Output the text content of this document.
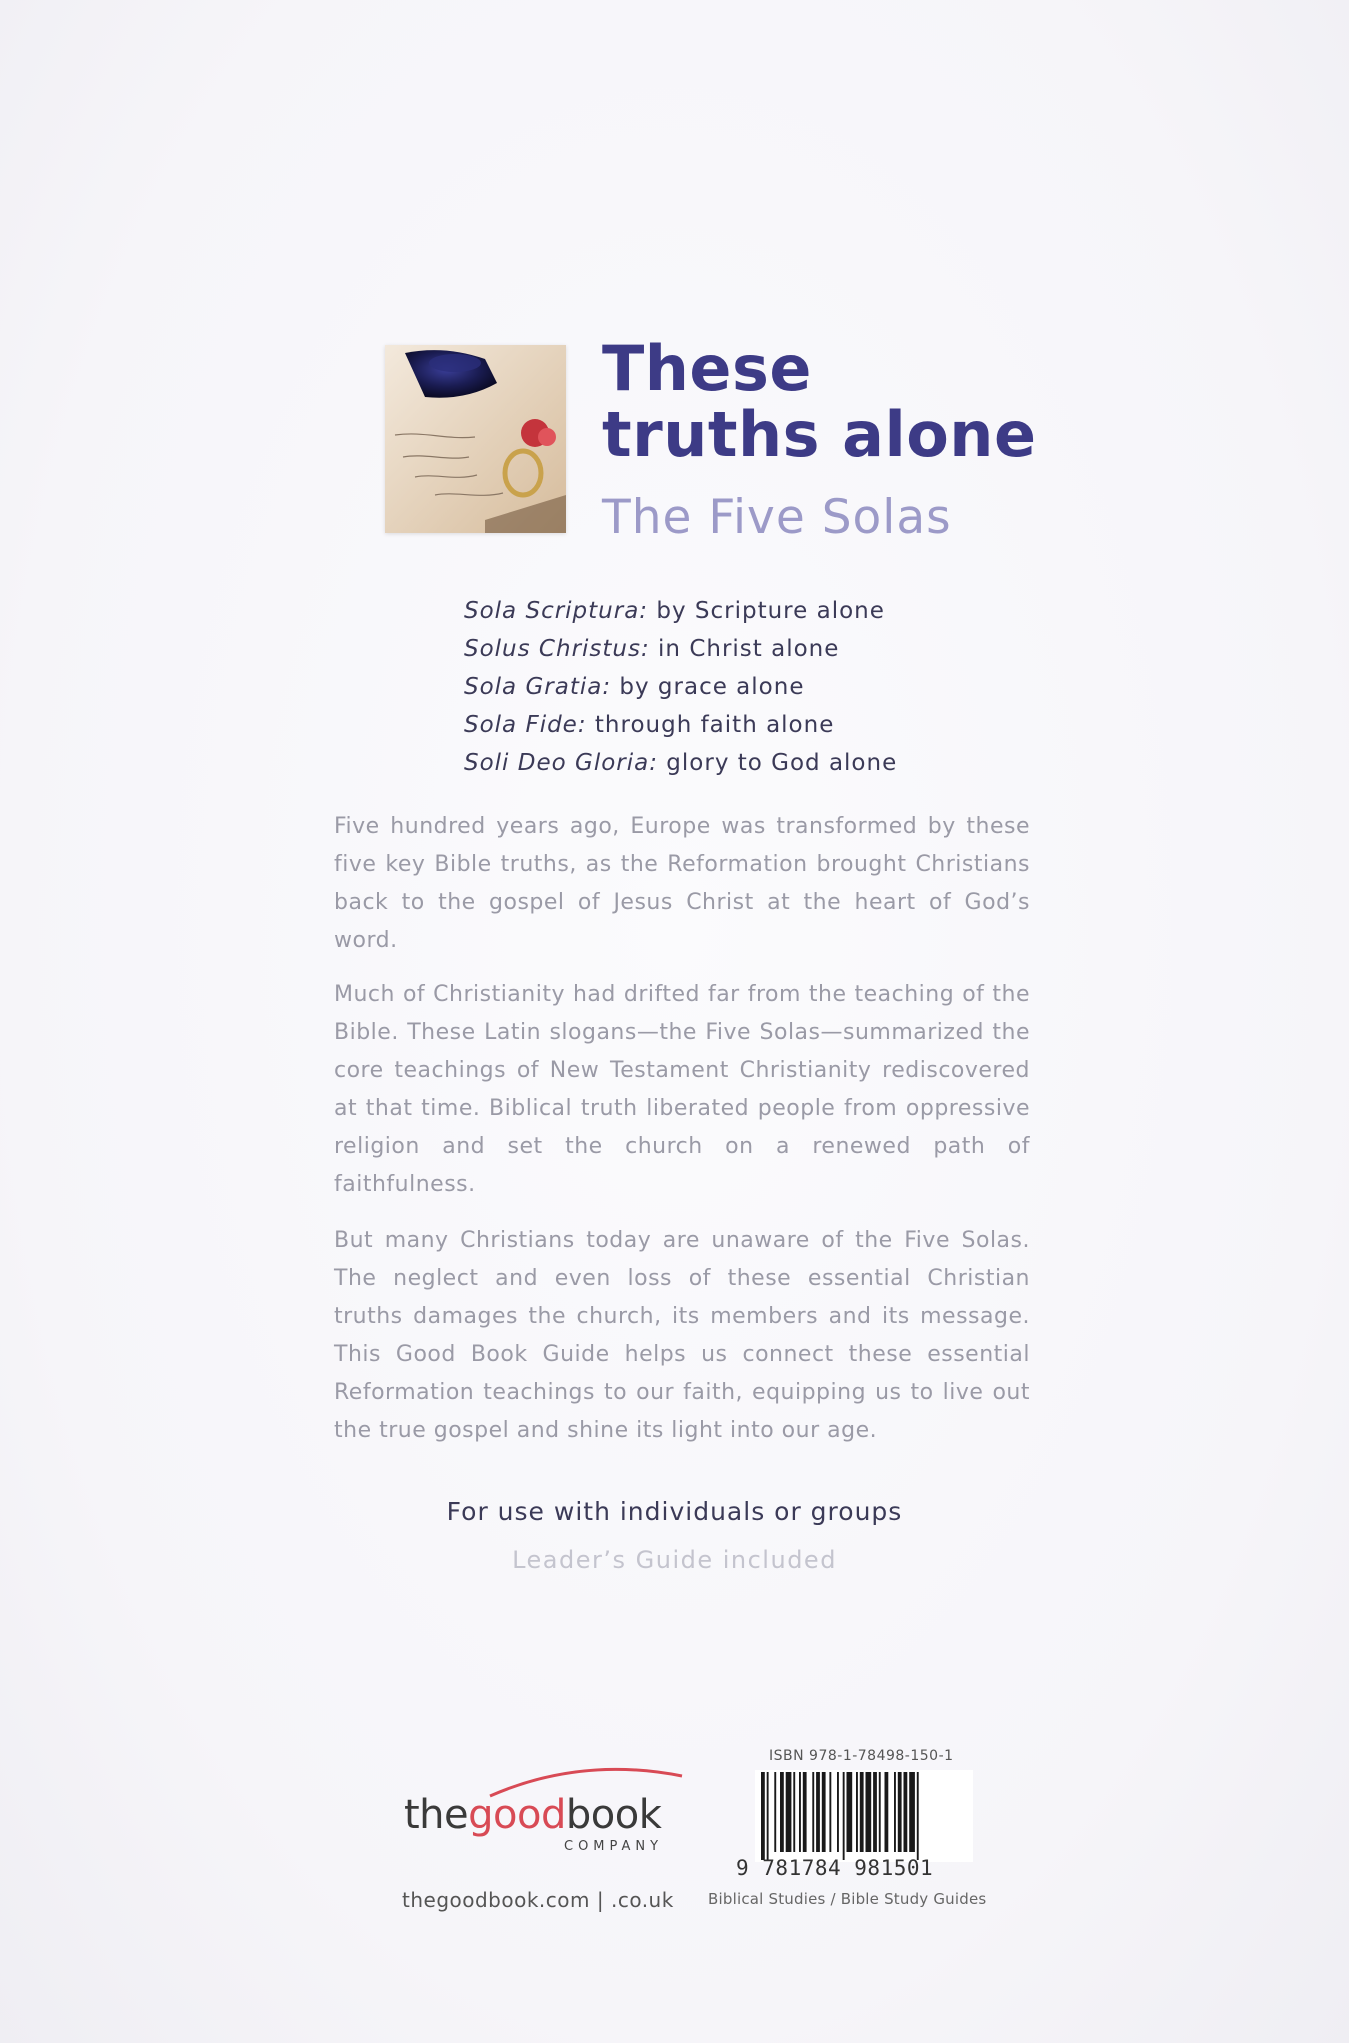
These
truths alone
The Five Solas
Sola Scriptura: by Scripture alone
Solus Christus: in Christ alone
Sola Gratia: by grace alone
Sola Fide: through faith alone
Soli Deo Gloria: glory to God alone

Five hundred years ago, Europe was transformed by these five key Bible truths, as the Reformation brought Christians back to the gospel of Jesus Christ at the heart of God’s word.

Much of Christianity had drifted far from the teaching of the Bible. These Latin slogans—the Five Solas—summarized the core teachings of New Testament Christianity rediscovered at that time. Biblical truth liberated people from oppressive religion and set the church on a renewed path of faithfulness.

But many Christians today are unaware of the Five Solas. The neglect and even loss of these essential Christian truths damages the church, its members and its message. This Good Book Guide helps us connect these essential Reformation teachings to our faith, equipping us to live out the true gospel and shine its light into our age.

For use with individuals or groups
Leader’s Guide included
thegoodbook
COMPANY
thegoodbook.com | .co.uk
ISBN 978-1-78498-150-1
9 781784 981501
Biblical Studies / Bible Study Guides
